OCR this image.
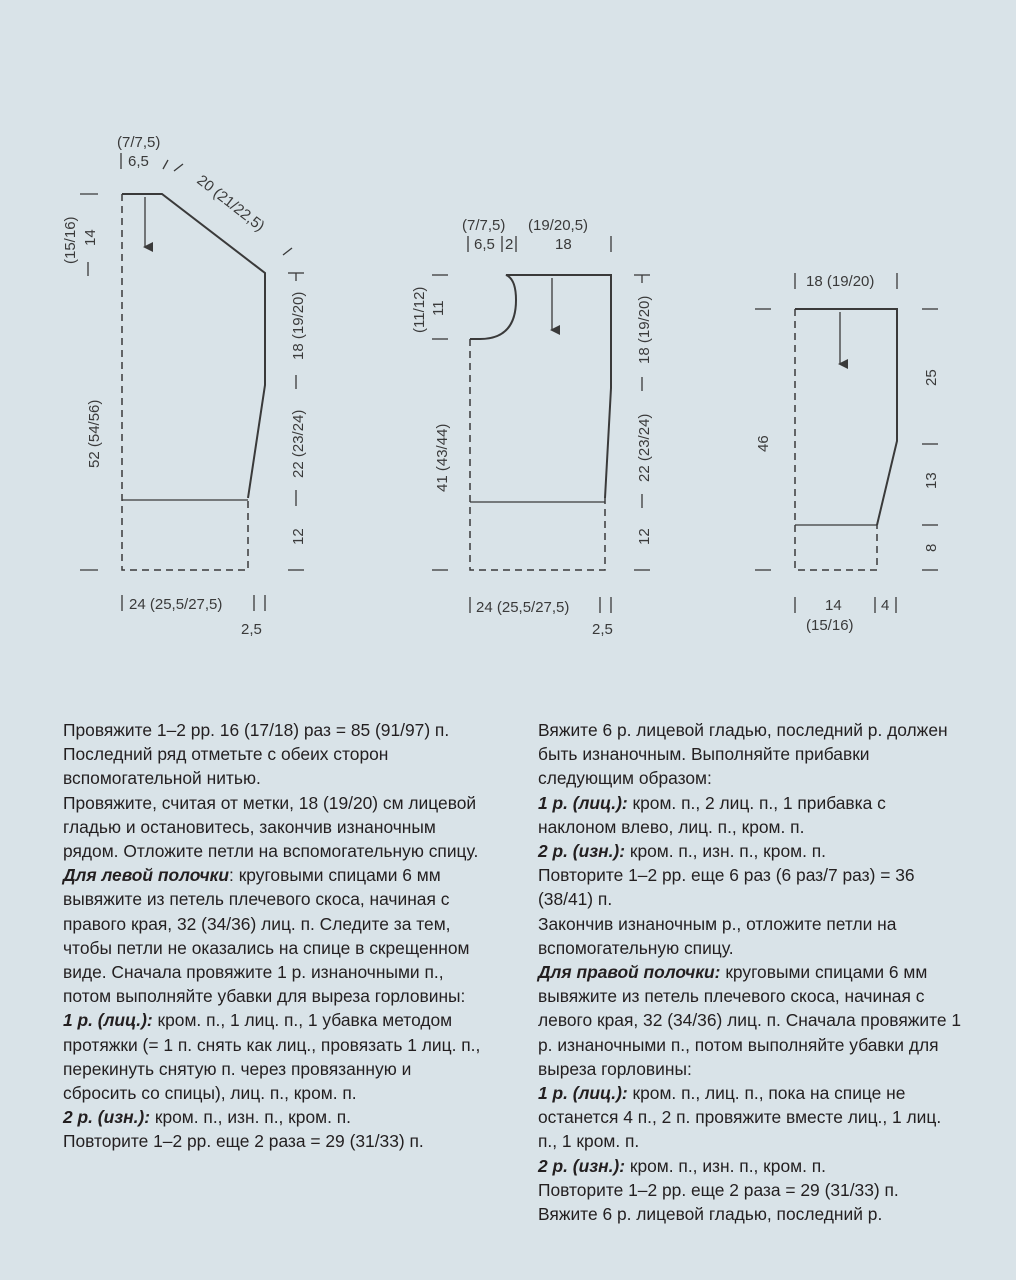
(7/7,5)
6,5
20 (21/22,5)
(15/16) 14
52 (54/56)
18 (19/20)
22 (23/24)
12
24 (25,5/27,5)
2,5
(7/7,5)
6,5 2
(19/20,5)
18
(11/12) 11
41 (43/44)
18 (19/20)
22 (23/24)
12
24 (25,5/27,5)
2,5
18 (19/20)
46
25
13
8
14
(15/16)
4

Провяжите 1–2 рр. 16 (17/18) раз = 85 (91/97) п. Последний ряд отметьте с обеих сторон вспомогательной нитью.

Провяжите, считая от метки, 18 (19/20) см лицевой гладью и остановитесь, закончив изнаночным рядом. Отложите петли на вспомогательную спицу.

Для левой полочки: круговыми спицами 6 мм вывяжите из петель плечевого скоса, начиная с правого края, 32 (34/36) лиц. п. Следите за тем, чтобы петли не оказались на спице в скрещенном виде. Сначала провяжите 1 р. изнаночными п., потом выполняйте убавки для выреза горловины:

1 р. (лиц.): кром. п., 1 лиц. п., 1 убавка методом протяжки (= 1 п. снять как лиц., провязать 1 лиц. п., перекинуть снятую п. через провязанную и сбросить со спицы), лиц. п., кром. п.

2 р. (изн.): кром. п., изн. п., кром. п.

Повторите 1–2 рр. еще 2 раза = 29 (31/33) п.

Вяжите 6 р. лицевой гладью, последний р. должен быть изнаночным. Выполняйте прибавки следующим образом:

1 р. (лиц.): кром. п., 2 лиц. п., 1 прибавка с наклоном влево, лиц. п., кром. п.

2 р. (изн.): кром. п., изн. п., кром. п.

Повторите 1–2 рр. еще 6 раз (6 раз/7 раз) = 36 (38/41) п.

Закончив изнаночным р., отложите петли на вспомогательную спицу.

Для правой полочки: круговыми спицами 6 мм вывяжите из петель плечевого скоса, начиная с левого края, 32 (34/36) лиц. п. Сначала провяжите 1 р. изнаночными п., потом выполняйте убавки для выреза горловины:

1 р. (лиц.): кром. п., лиц. п., пока на спице не останется 4 п., 2 п. провяжите вместе лиц., 1 лиц. п., 1 кром. п.

2 р. (изн.): кром. п., изн. п., кром. п.

Повторите 1–2 рр. еще 2 раза = 29 (31/33) п.

Вяжите 6 р. лицевой гладью, последний р.
